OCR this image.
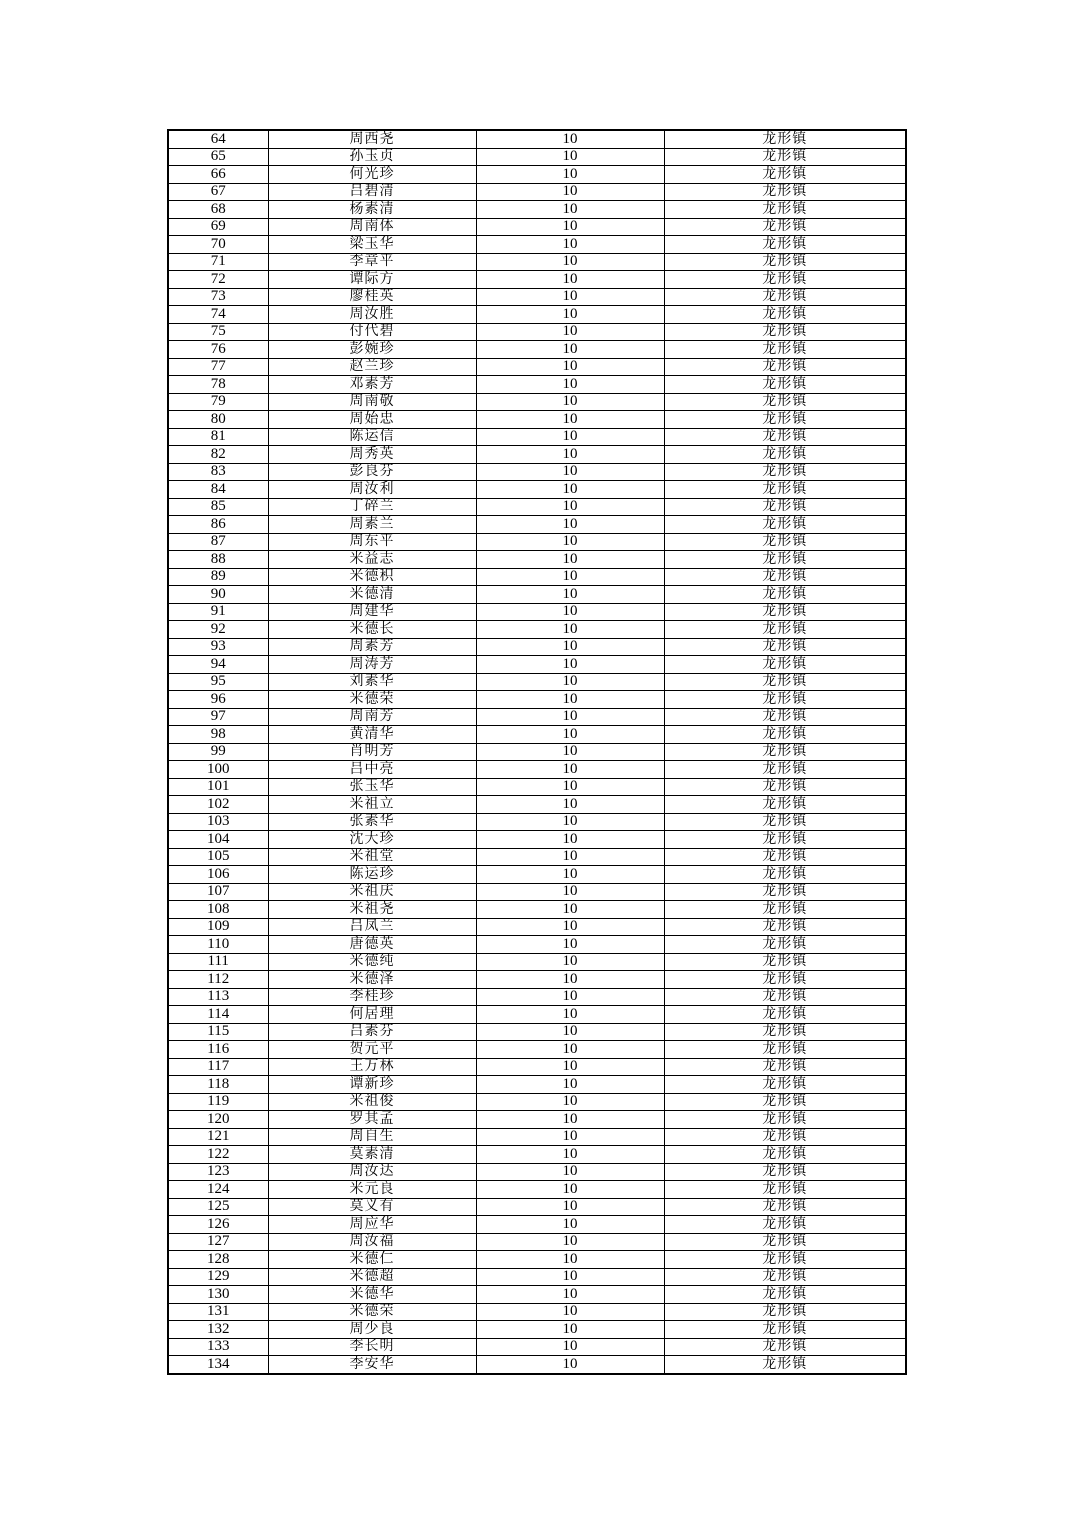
64	周西尧	10	龙形镇
65	孙玉贞	10	龙形镇
66	何光珍	10	龙形镇
67	吕碧清	10	龙形镇
68	杨素清	10	龙形镇
69	周南体	10	龙形镇
70	梁玉华	10	龙形镇
71	李章平	10	龙形镇
72	谭际方	10	龙形镇
73	廖桂英	10	龙形镇
74	周汝胜	10	龙形镇
75	付代碧	10	龙形镇
76	彭婉珍	10	龙形镇
77	赵兰珍	10	龙形镇
78	邓素芳	10	龙形镇
79	周南敬	10	龙形镇
80	周始忠	10	龙形镇
81	陈运信	10	龙形镇
82	周秀英	10	龙形镇
83	彭良芬	10	龙形镇
84	周汝利	10	龙形镇
85	丁碎兰	10	龙形镇
86	周素兰	10	龙形镇
87	周东平	10	龙形镇
88	米益志	10	龙形镇
89	米德积	10	龙形镇
90	米德清	10	龙形镇
91	周建华	10	龙形镇
92	米德长	10	龙形镇
93	周素芳	10	龙形镇
94	周涛芳	10	龙形镇
95	刘素华	10	龙形镇
96	米德荣	10	龙形镇
97	周南芳	10	龙形镇
98	黄清华	10	龙形镇
99	肖明芳	10	龙形镇
100	吕中亮	10	龙形镇
101	张玉华	10	龙形镇
102	米祖立	10	龙形镇
103	张素华	10	龙形镇
104	沈大珍	10	龙形镇
105	米祖堂	10	龙形镇
106	陈运珍	10	龙形镇
107	米祖庆	10	龙形镇
108	米祖尧	10	龙形镇
109	吕凤兰	10	龙形镇
110	唐德英	10	龙形镇
111	米德纯	10	龙形镇
112	米德泽	10	龙形镇
113	李桂珍	10	龙形镇
114	何居理	10	龙形镇
115	吕素芬	10	龙形镇
116	贺元平	10	龙形镇
117	王万林	10	龙形镇
118	谭新珍	10	龙形镇
119	米祖俊	10	龙形镇
120	罗其孟	10	龙形镇
121	周自生	10	龙形镇
122	莫素清	10	龙形镇
123	周汝达	10	龙形镇
124	米元良	10	龙形镇
125	莫义有	10	龙形镇
126	周应华	10	龙形镇
127	周汝福	10	龙形镇
128	米德仁	10	龙形镇
129	米德超	10	龙形镇
130	米德华	10	龙形镇
131	米德荣	10	龙形镇
132	周少良	10	龙形镇
133	李长明	10	龙形镇
134	李安华	10	龙形镇
